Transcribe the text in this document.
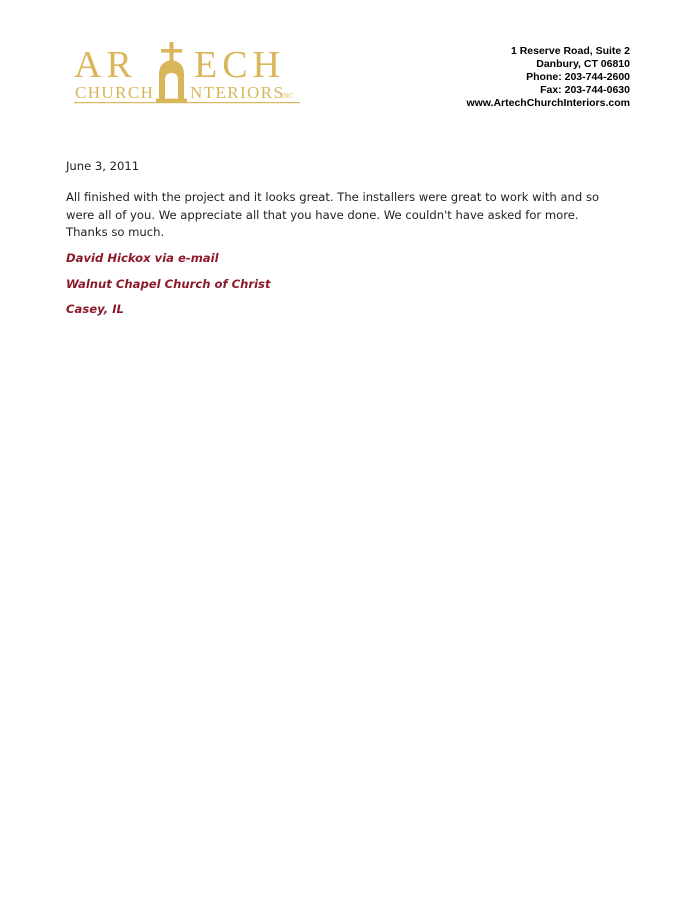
AR ECH
CHURCH NTERIORS
INC
1 Reserve Road, Suite 2
Danbury, CT 06810
Phone: 203-744-2600
Fax: 203-744-0630
www.ArtechChurchInteriors.com
June 3, 2011

All finished with the project and it looks great. The installers were great to work with and so were all of you. We appreciate all that you have done. We couldn't have asked for more.

Thanks so much.
David Hickox via e-mail
Walnut Chapel Church of Christ
Casey, IL
